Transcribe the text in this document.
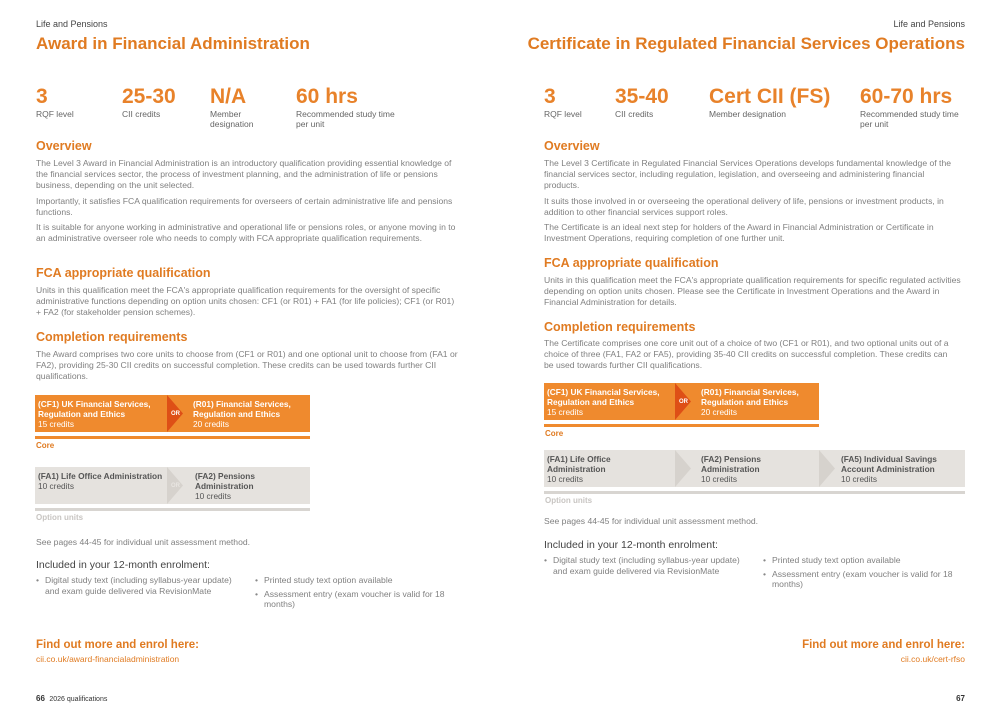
Life and Pensions
Award in Financial Administration
3
RQF level
25-30
CII credits
N/A
Member designation
60 hrs
Recommended study time per unit
Overview

The Level 3 Award in Financial Administration is an introductory qualification providing essential knowledge of the financial services sector, the process of investment planning, and the administration of life or pensions business, depending on the unit selected.

Importantly, it satisfies FCA qualification requirements for overseers of certain administrative life and pensions functions.

It is suitable for anyone working in administrative and operational life or pensions roles, or anyone moving in to an administrative overseer role who needs to comply with FCA appropriate qualification requirements.

FCA appropriate qualification

Units in this qualification meet the FCA's appropriate qualification requirements for the oversight of specific administrative functions depending on option units chosen: CF1 (or R01) + FA1 (for life policies); CF1 (or R01) + FA2 (for stakeholder pension schemes).

Completion requirements

The Award comprises two core units to choose from (CF1 or R01) and one optional unit to choose from (FA1 or FA2), providing 25-30 CII credits on successful completion. These credits can be used towards further CII qualifications.

(CF1) UK Financial Services, Regulation and Ethics
15 credits
OR
(R01) Financial Services, Regulation and Ethics
20 credits
Core
(FA1) Life Office Administration
10 credits	OR
(FA2) Pensions Administration
10 credits
Option units

See pages 44-45 for individual unit assessment method.

Included in your 12-month enrolment:
• Digital study text (including syllabus-year update) and exam guide delivered via RevisionMate
• Printed study text option available
• Assessment entry (exam voucher is valid for 18 months)
Find out more and enrol here:
cii.co.uk/award-financialadministration
66 2026 qualifications
Life and Pensions
Certificate in Regulated Financial Services Operations
3
RQF level
35-40
CII credits
Cert CII (FS)
Member designation
60-70 hrs
Recommended study time per unit
Overview

The Level 3 Certificate in Regulated Financial Services Operations develops fundamental knowledge of the financial services sector, including regulation, legislation, and overseeing and administering financial products.

It suits those involved in or overseeing the operational delivery of life, pensions or investment products, in addition to other financial services support roles.

The Certificate is an ideal next step for holders of the Award in Financial Administration or Certificate in Investment Operations, requiring completion of one further unit.

FCA appropriate qualification

Units in this qualification meet the FCA's appropriate qualification requirements for specific regulated activities depending on option units chosen. Please see the Certificate in Investment Operations and the Award in Financial Administration for details.

Completion requirements

The Certificate comprises one core unit out of a choice of two (CF1 or R01), and two optional units out of a choice of three (FA1, FA2 or FA5), providing 35-40 CII credits on successful completion. These credits can be used towards further CII qualifications.

(CF1) UK Financial Services, Regulation and Ethics
15 credits
OR
(R01) Financial Services, Regulation and Ethics
20 credits
Core
(FA1) Life Office Administration
10 credits
(FA2) Pensions Administration
10 credits
(FA5) Individual Savings Account Administration
10 credits
Option units

See pages 44-45 for individual unit assessment method.

Included in your 12-month enrolment:
• Digital study text (including syllabus-year update) and exam guide delivered via RevisionMate
• Printed study text option available
• Assessment entry (exam voucher is valid for 18 months)
Find out more and enrol here:
cii.co.uk/cert-rfso
67
